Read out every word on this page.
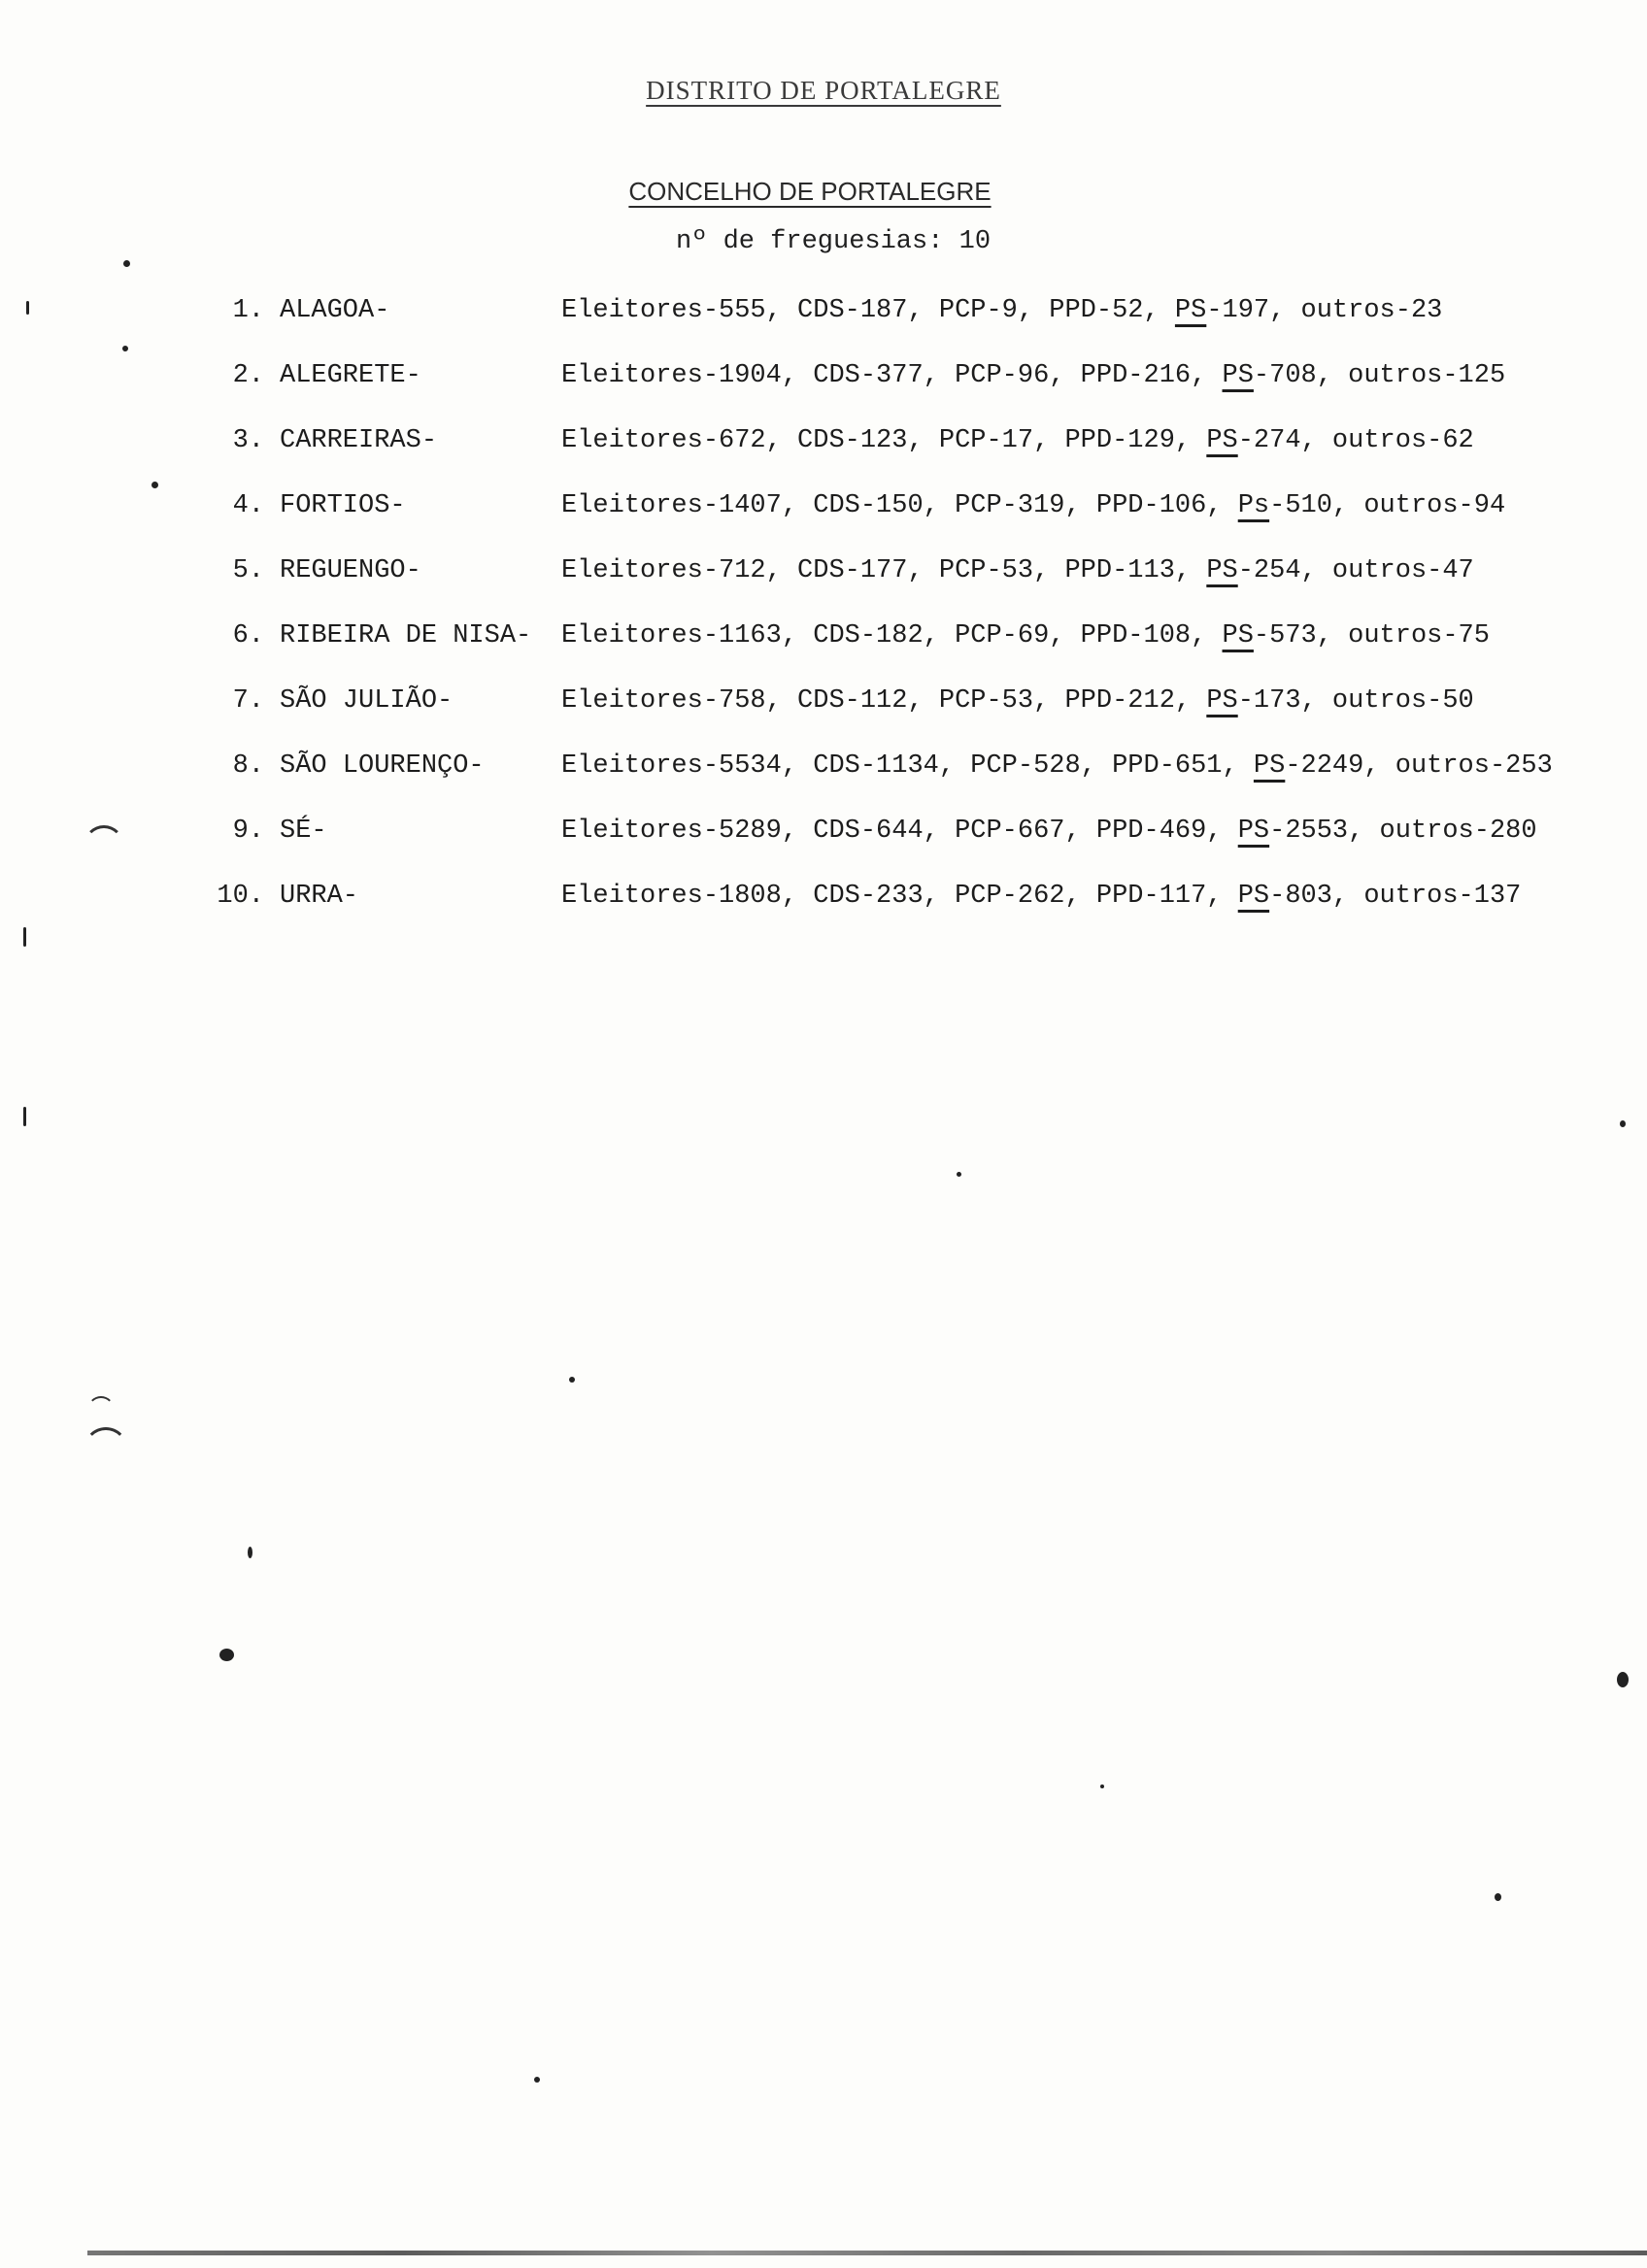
DISTRITO DE PORTALEGRE
CONCELHO DE PORTALEGRE
nº de freguesias: 10
1. ALAGOA-	Eleitores-555, CDS-187, PCP-9, PPD-52, PS-197, outros-23
2. ALEGRETE-	Eleitores-1904, CDS-377, PCP-96, PPD-216, PS-708, outros-125
3. CARREIRAS-	Eleitores-672, CDS-123, PCP-17, PPD-129, PS-274, outros-62
4. FORTIOS-	Eleitores-1407, CDS-150, PCP-319, PPD-106, Ps-510, outros-94
5. REGUENGO-	Eleitores-712, CDS-177, PCP-53, PPD-113, PS-254, outros-47
6. RIBEIRA DE NISA- Eleitores-1163, CDS-182, PCP-69, PPD-108, PS-573, outros-75
7. SÃO JULIÃO-	Eleitores-758, CDS-112, PCP-53, PPD-212, PS-173, outros-50
8. SÃO LOURENÇO-	Eleitores-5534, CDS-1134, PCP-528, PPD-651, PS-2249, outros-253
9. SÉ-	Eleitores-5289, CDS-644, PCP-667, PPD-469, PS-2553, outros-280
10. URRA-	Eleitores-1808, CDS-233, PCP-262, PPD-117, PS-803, outros-137
